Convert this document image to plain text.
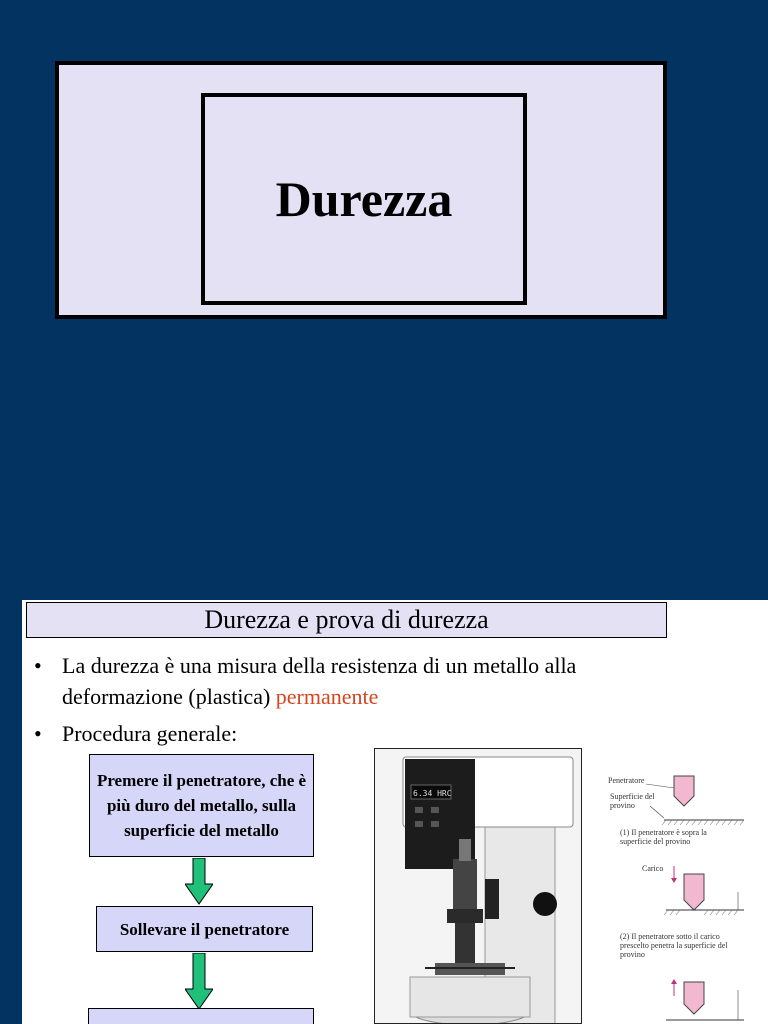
Durezza
Durezza e prova di durezza
• La durezza è una misura della resistenza di un metallo alla deformazione (plastica) permanente
• Procedura generale:
Premere il penetratore, che è più duro del metallo, sulla superficie del metallo
Sollevare il penetratore
6.34 HRC
Penetratore
Superficie del provino
(1) Il penetratore è sopra la superficie del provino
Carico
(2) Il penetratore sotto il carico prescelto penetra la superficie del provino
